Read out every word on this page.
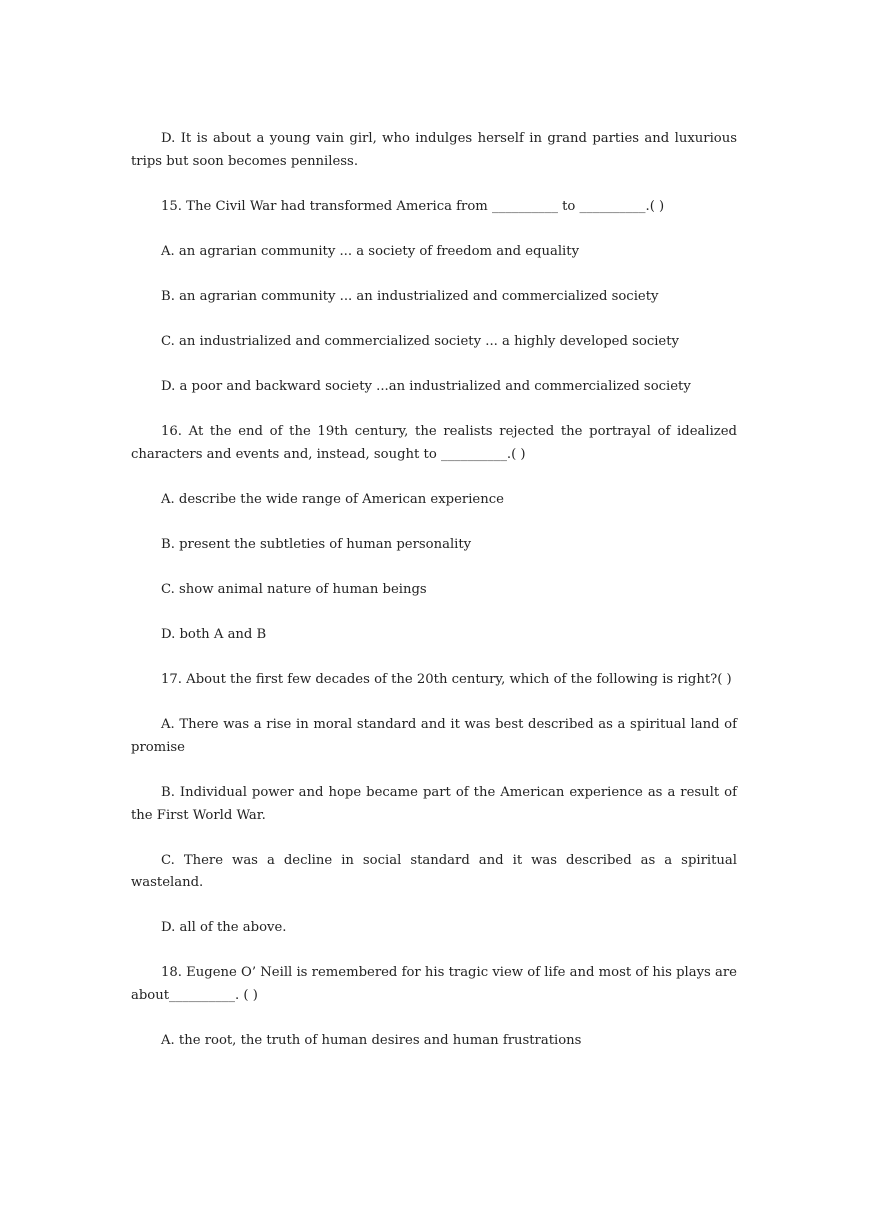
D. It is about a young vain girl, who indulges herself in grand parties and luxurious trips but soon becomes penniless.

15. The Civil War had transformed America from __________ to __________.( )

A. an agrarian community ... a society of freedom and equality

B. an agrarian community ... an industrialized and commercialized society

C. an industrialized and commercialized society ... a highly developed society

D. a poor and backward society ...an industrialized and commercialized society

16. At the end of the 19th century, the realists rejected the portrayal of idealized characters and events and, instead, sought to __________.( )

A. describe the wide range of American experience

B. present the subtleties of human personality

C. show animal nature of human beings

D. both A and B

17. About the first few decades of the 20th century, which of the following is right?( )

A. There was a rise in moral standard and it was best described as a spiritual land of promise

B. Individual power and hope became part of the American experience as a result of the First World War.

C. There was a decline in social standard and it was described as a spiritual wasteland.

D. all of the above.

18. Eugene O’ Neill is remembered for his tragic view of life and most of his plays are about__________. ( )

A. the root, the truth of human desires and human frustrations
